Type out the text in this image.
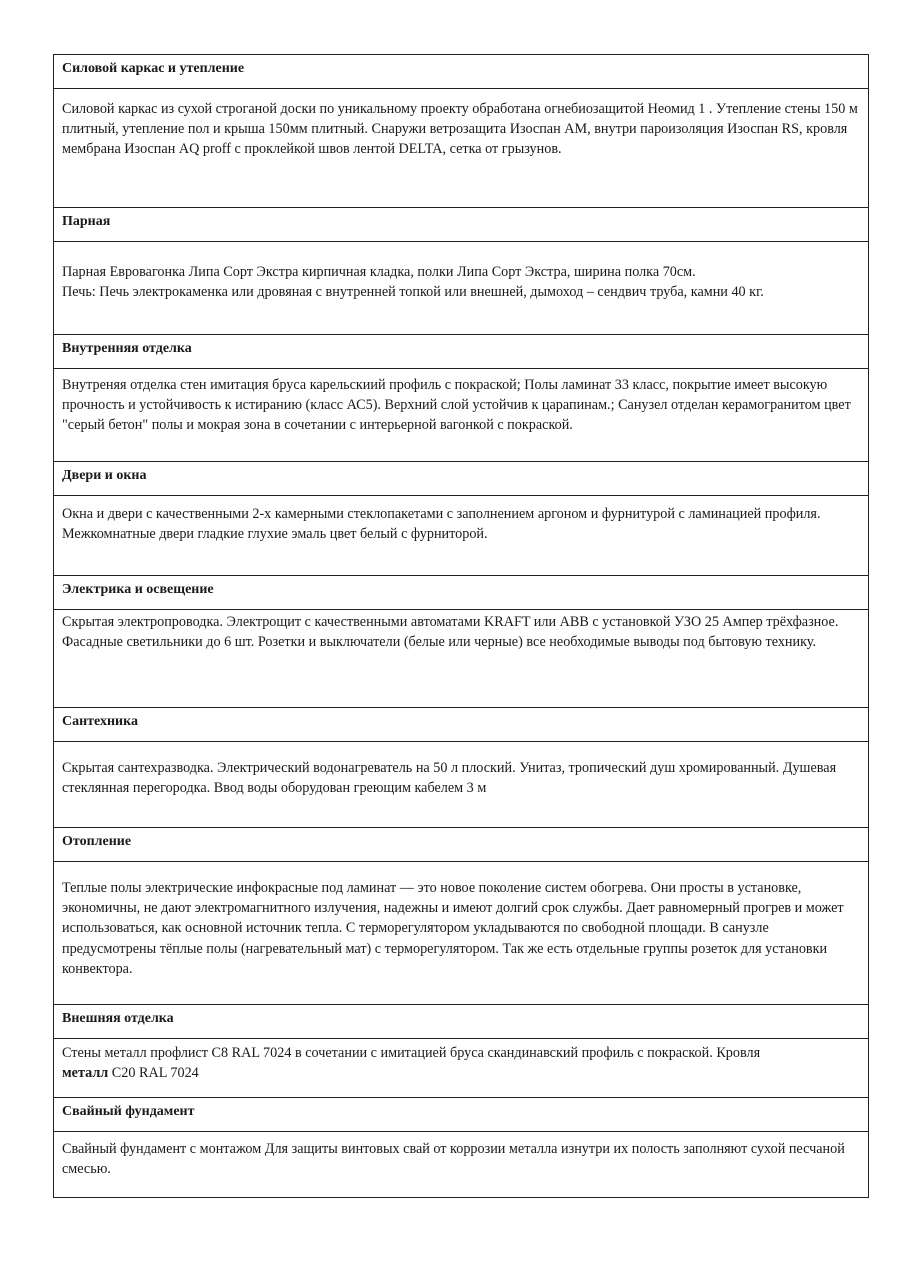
Силовой каркас и утепление

Силовой каркас из сухой строганой доски по уникальному проекту обработана огнебиозащитой Неомид 1 . Утепление стены 150 м плитный, утепление пол и крыша 150мм плитный. Снаружи ветрозащита Изоспан АМ, внутри пароизоляция Изоспан RS, кровля мембрана Изоспан AQ proff с проклейкой швов лентой DELTA, сетка от грызунов.

Парная

Парная Евровагонка Липа Сорт Экстра кирпичная кладка, полки Липа Сорт Экстра, ширина полка 70см.

Печь: Печь электрокаменка или дровяная с внутренней топкой или внешней, дымоход – сендвич труба, камни 40 кг.

Внутренняя отделка

Внутреняя отделка стен имитация бруса карельскиий профиль с покраской; Полы ламинат 33 класс, покрытие имеет высокую прочность и устойчивость к истиранию (класс АС5). Верхний слой устойчив к царапинам.; Санузел отделан керамогранитом цвет "серый бетон" полы и мокрая зона в сочетании с интерьерной вагонкой с покраской.

Двери и окна

Окна и двери с качественными 2-х камерными стеклопакетами с заполнением аргоном и фурнитурой с ламинацией профиля. Межкомнатные двери гладкие глухие эмаль цвет белый с фурниторой.

Электрика и освещение

Скрытая электропроводка. Электрощит с качественными автоматами KRAFT или ABB с установкой УЗО 25 Ампер трёхфазное.

Фасадные светильники до 6 шт. Розетки и выключатели (белые или черные) все необходимые выводы под бытовую технику.

Сантехника

Скрытая сантехразводка. Электрический водонагреватель на 50 л плоский. Унитаз, тропический душ хромированный. Душевая стеклянная перегородка. Ввод воды оборудован греющим кабелем 3 м

Отопление

Теплые полы электрические инфокрасные под ламинат — это новое поколение систем обогрева. Они просты в установке, экономичны, не дают электромагнитного излучения, надежны и имеют долгий срок службы. Дает равномерный прогрев и может использоваться, как основной источник тепла. С терморегулятором укладываются по свободной площади. В санузле предусмотрены тёплые полы (нагревательный мат) с терморегулятором. Так же есть отдельные группы розеток для установки конвектора.

Внешняя отделка

Стены металл профлист С8 RAL 7024 в сочетании с имитацией бруса скандинавский профиль с покраской. Кровля

металл С20 RAL 7024

Свайный фундамент

Свайный фундамент с монтажом Для защиты винтовых свай от коррозии металла изнутри их полость заполняют сухой песчаной смесью.
